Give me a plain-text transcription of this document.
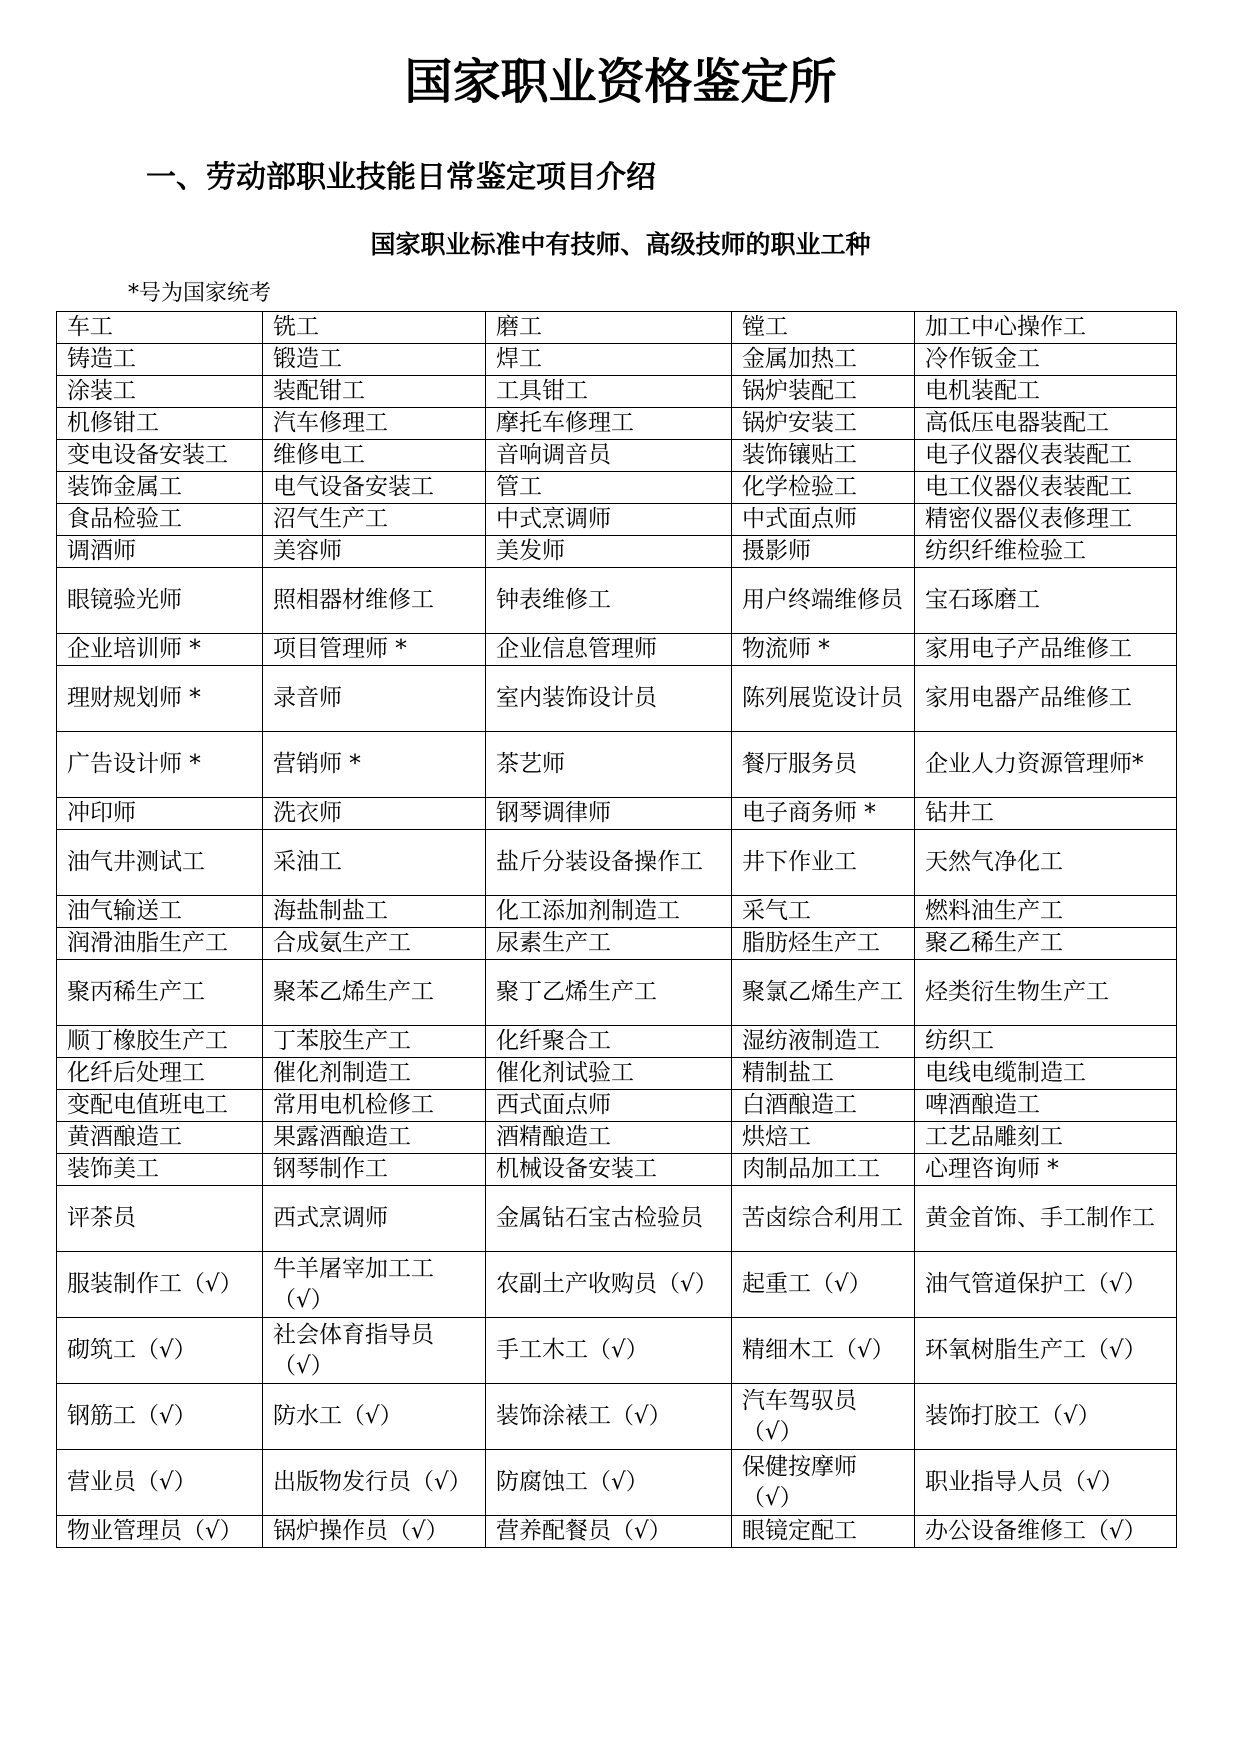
国家职业资格鉴定所
一、劳动部职业技能日常鉴定项目介绍
国家职业标准中有技师、高级技师的职业工种

*号为国家统考

车工	铣工	磨工	镗工	加工中心操作工
铸造工	锻造工	焊工	金属加热工	冷作钣金工
涂装工	装配钳工	工具钳工	锅炉装配工	电机装配工
机修钳工	汽车修理工	摩托车修理工	锅炉安装工	高低压电器装配工
变电设备安装工	维修电工	音响调音员	装饰镶贴工	电子仪器仪表装配工
装饰金属工	电气设备安装工	管工	化学检验工	电工仪器仪表装配工
食品检验工	沼气生产工	中式烹调师	中式面点师	精密仪器仪表修理工
调酒师	美容师	美发师	摄影师	纺织纤维检验工
眼镜验光师	照相器材维修工	钟表维修工	用户终端维修员	宝石琢磨工
企业培训师 *	项目管理师 *	企业信息管理师	物流师 *	家用电子产品维修工
理财规划师 *	录音师	室内装饰设计员	陈列展览设计员	家用电器产品维修工
广告设计师 *	营销师 *	茶艺师	餐厅服务员	企业人力资源管理师*
冲印师	洗衣师	钢琴调律师	电子商务师 *	钻井工
油气井测试工	采油工	盐斤分装设备操作工	井下作业工	天然气净化工
油气输送工	海盐制盐工	化工添加剂制造工	采气工	燃料油生产工
润滑油脂生产工	合成氨生产工	尿素生产工	脂肪烃生产工	聚乙稀生产工
聚丙稀生产工	聚苯乙烯生产工	聚丁乙烯生产工	聚氯乙烯生产工	烃类衍生物生产工
顺丁橡胶生产工	丁苯胶生产工	化纤聚合工	湿纺液制造工	纺织工
化纤后处理工	催化剂制造工	催化剂试验工	精制盐工	电线电缆制造工
变配电值班电工	常用电机检修工	西式面点师	白酒酿造工	啤酒酿造工
黄酒酿造工	果露酒酿造工	酒精酿造工	烘焙工	工艺品雕刻工
装饰美工	钢琴制作工	机械设备安装工	肉制品加工工	心理咨询师 *
评茶员	西式烹调师	金属钻石宝古检验员	苦卤综合利用工	黄金首饰、手工制作工
服装制作工（√）	牛羊屠宰加工工（√）	农副土产收购员（√）	起重工（√）	油气管道保护工（√）
砌筑工（√）	社会体育指导员（√）	手工木工（√）	精细木工（√）	环氧树脂生产工（√）
钢筋工（√）	防水工（√）	装饰涂裱工（√）	汽车驾驭员（√）	装饰打胶工（√）
营业员（√）	出版物发行员（√）	防腐蚀工（√）	保健按摩师（√）	职业指导人员（√）
物业管理员（√）	锅炉操作员（√）	营养配餐员（√）	眼镜定配工	办公设备维修工（√）
